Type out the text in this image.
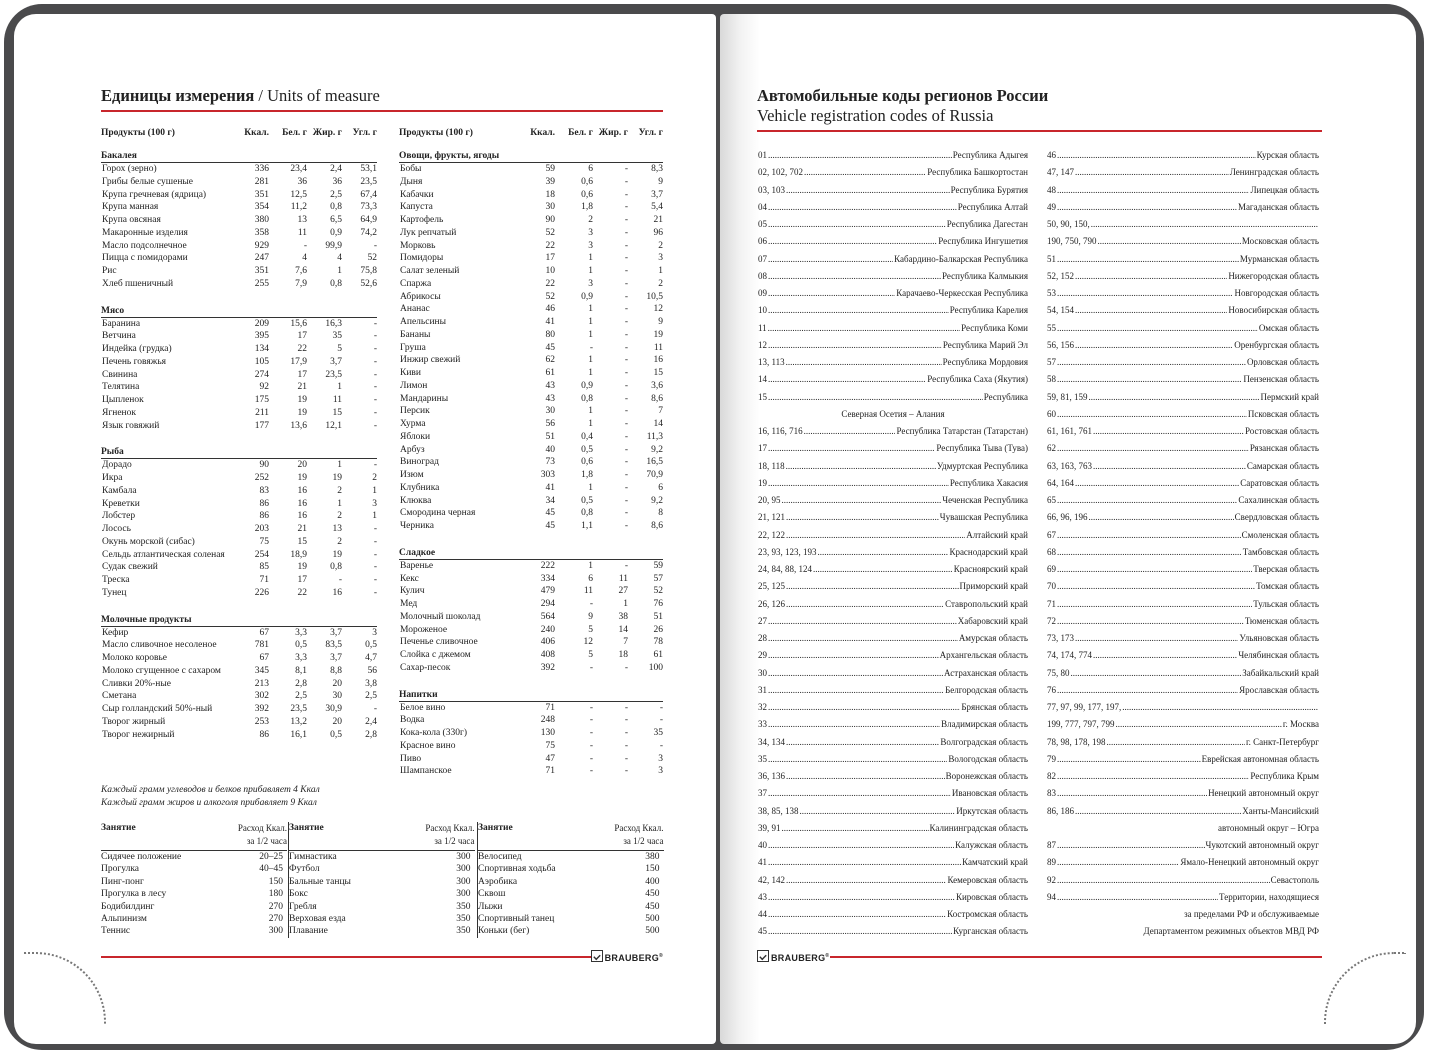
Единицы измерения / Units of measure
Продукты (100 г)	Ккал.	Бел. г	Жир. г	Угл. г
Бакалея				
Горох (зерно)	336	23,4	2,4	53,1
Грибы белые сушеные	281	36	36	23,5
Крупа гречневая (ядрица)	351	12,5	2,5	67,4
Крупа манная	354	11,2	0,8	73,3
Крупа овсяная	380	13	6,5	64,9
Макаронные изделия	358	11	0,9	74,2
Масло подсолнечное	929	-	99,9	-
Пицца с помидорами	247	4	4	52
Рис	351	7,6	1	75,8
Хлеб пшеничный	255	7,9	0,8	52,6

Мясо				
Баранина	209	15,6	16,3	-
Ветчина	395	17	35	-
Индейка (грудка)	134	22	5	-
Печень говяжья	105	17,9	3,7	-
Свинина	274	17	23,5	-
Телятина	92	21	1	-
Цыпленок	175	19	11	-
Ягненок	211	19	15	-
Язык говяжий	177	13,6	12,1	-

Рыба				
Дорадо	90	20	1	-
Икра	252	19	19	2
Камбала	83	16	2	1
Креветки	86	16	1	3
Лобстер	86	16	2	1
Лосось	203	21	13	-
Окунь морской (сибас)	75	15	2	-
Сельдь атлантическая соленая	254	18,9	19	-
Судак свежий	85	19	0,8	-
Треска	71	17	-	-
Тунец	226	22	16	-

Молочные продукты				
Кефир	67	3,3	3,7	3
Масло сливочное несоленое	781	0,5	83,5	0,5
Молоко коровье	67	3,3	3,7	4,7
Молоко сгущенное с сахаром	345	8,1	8,8	56
Сливки 20%-ные	213	2,8	20	3,8
Сметана	302	2,5	30	2,5
Сыр голландский 50%-ный	392	23,5	30,9	-
Творог жирный	253	13,2	20	2,4
Творог нежирный	86	16,1	0,5	2,8
Продукты (100 г)	Ккал.	Бел. г	Жир. г	Угл. г
Овощи, фрукты, ягоды				
Бобы	59	6	-	8,3
Дыня	39	0,6	-	9
Кабачки	18	0,6	-	3,7
Капуста	30	1,8	-	5,4
Картофель	90	2	-	21
Лук репчатый	52	3	-	96
Морковь	22	3	-	2
Помидоры	17	1	-	3
Салат зеленый	10	1	-	1
Спаржа	22	3	-	2
Абрикосы	52	0,9	-	10,5
Ананас	46	1	-	12
Апельсины	41	1	-	9
Бананы	80	1	-	19
Груша	45	-	-	11
Инжир свежий	62	1	-	16
Киви	61	1	-	15
Лимон	43	0,9	-	3,6
Мандарины	43	0,8	-	8,6
Персик	30	1	-	7
Хурма	56	1	-	14
Яблоки	51	0,4	-	11,3
Арбуз	40	0,5	-	9,2
Виноград	73	0,6	-	16,5
Изюм	303	1,8	-	70,9
Клубника	41	1	-	6
Клюква	34	0,5	-	9,2
Смородина черная	45	0,8	-	8
Черника	45	1,1	-	8,6

Сладкое				
Варенье	222	1	-	59
Кекс	334	6	11	57
Кулич	479	11	27	52
Мед	294	-	1	76
Молочный шоколад	564	9	38	51
Мороженое	240	5	14	26
Печенье сливочное	406	12	7	78
Слойка с джемом	408	5	18	61
Сахар-песок	392	-	-	100

Напитки				
Белое вино	71	-	-	-
Водка	248	-	-	-
Кока-кола (330г)	130	-	-	35
Красное вино	75	-	-	-
Пиво	47	-	-	3
Шампанское	71	-	-	3
Каждый грамм углеводов и белков прибавляет 4 Ккал
Каждый грамм жиров и алкоголя прибавляет 9 Ккал
Занятие	Расход Ккал.
за 1/2 часа

Сидячее положение	20–25
Прогулка	40–45
Пинг-понг	150
Прогулка в лесу	180
Бодибилдинг	270
Альпинизм	270
Теннис	300
Занятие	Расход Ккал.
за 1/2 часа

Гимнастика	300
Футбол	300
Бальные танцы	300
Бокс	300
Гребля	350
Верховая езда	350
Плавание	350
Занятие	Расход Ккал.
за 1/2 часа

Велосипед	380
Спортивная ходьба	150
Аэробика	400
Сквош	450
Лыжи	450
Спортивный танец	500
Коньки (бег)	500
BRAUBERG®
Автомобильные коды регионов России
Vehicle registration codes of Russia
01 .....	Республика Адыгея
02, 102, 702 .....	Республика Башкортостан
03, 103 .....	Республика Бурятия
04 .....	Республика Алтай
05 .....	Республика Дагестан
06 .....	Республика Ингушетия
07 .....	Кабардино-Балкарская Республика
08 .....	Республика Калмыкия
09 .....	Карачаево-Черкесская Республика
10 .....	Республика Карелия
11 .....	Республика Коми
12 .....	Республика Марий Эл
13, 113 .....	Республика Мордовия
14 .....	Республика Саха (Якутия)
15 .....	Республика
Северная Осетия – Алания
16, 116, 716 .....	Республика Татарстан (Татарстан)
17 .....	Республика Тыва (Тува)
18, 118 .....	Удмуртская Республика
19 .....	Республика Хакасия
20, 95 .....	Чеченская Республика
21, 121 .....	Чувашская Республика
22, 122 .....	Алтайский край
23, 93, 123, 193 .....	Краснодарский край
24, 84, 88, 124 .....	Красноярский край
25, 125 .....	Приморский край
26, 126 .....	Ставропольский край
27 .....	Хабаровский край
28 .....	Амурская область
29 .....	Архангельская область
30 .....	Астраханская область
31 .....	Белгородская область
32 .....	Брянская область
33 .....	Владимирская область
34, 134 .....	Волгоградская область
35 .....	Вологодская область
36, 136 .....	Воронежская область
37 .....	Ивановская область
38, 85, 138 .....	Иркутская область
39, 91 .....	Калининградская область
40 .....	Калужская область
41 .....	Камчатский край
42, 142 .....	Кемеровская область
43 .....	Кировская область
44 .....	Костромская область
45 .....	Курганская область
46 .....	Курская область
47, 147 .....	Ленинградская область
48 .....	Липецкая область
49 .....	Магаданская область
50, 90, 150,
.....
190, 750, 790 .....	Московская область
51 .....	Мурманская область
52, 152 .....	Нижегородская область
53 .....	Новгородская область
54, 154 .....	Новосибирская область
55 .....	Омская область
56, 156 .....	Оренбургская область
57 .....	Орловская область
58 .....	Пензенская область
59, 81, 159 .....	Пермский край
60 .....	Псковская область
61, 161, 761 .....	Ростовская область
62 .....	Рязанская область
63, 163, 763 .....	Самарская область
64, 164 .....	Саратовская область
65 .....	Сахалинская область
66, 96, 196 .....	Свердловская область
67 .....	Смоленская область
68 .....	Тамбовская область
69 .....	Тверская область
70 .....	Томская область
71 .....	Тульская область
72 .....	Тюменская область
73, 173 .....	Ульяновская область
74, 174, 774 .....	Челябинская область
75, 80 .....	Забайкальский край
76 .....	Ярославская область
77, 97, 99, 177, 197,
.....
199, 777, 797, 799 .....	г. Москва
78, 98, 178, 198 .....	г. Санкт-Петербург
79 .....	Еврейская автономная область
82 .....	Республика Крым
83 .....	Ненецкий автономный округ
86, 186 .....	Ханты-Мансийский
автономный округ – Югра
87 .....	Чукотский автономный округ
89 .....	Ямало-Ненецкий автономный округ
92 .....	Севастополь
94 .....	Территории, находящиеся
за пределами РФ и обслуживаемые
Департаментом режимных объектов МВД РФ
BRAUBERG®
